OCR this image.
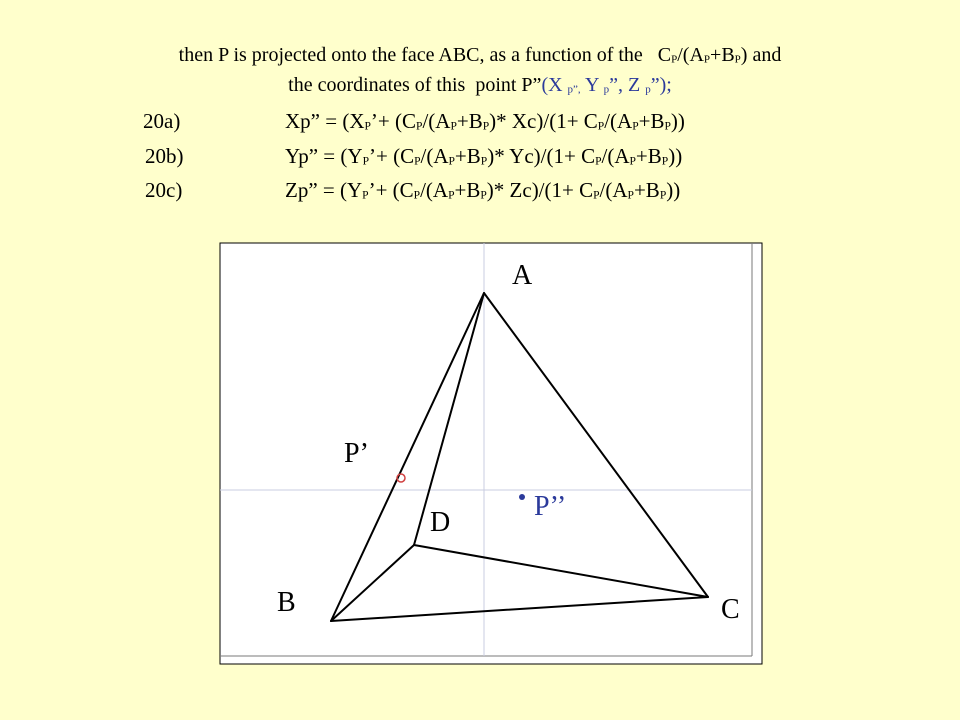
then P is projected onto the face ABC, as a function of the   $C_P/(A_P+B_P)$ and
the coordinates of this  point P”(X $_{p”,}$ Y $_p$”, Z $_p$”);
20a)	Xp” = ($X_P’+ (C_P/(A_P+B_P)*$ $Xc)/(1+ C_P/(A_P+B_P))$
20b)	Yp” = ($Y_P’+ (C_P/(A_P+B_P)*$ $Yc)/(1+ C_P/(A_P+B_P))$
20c)	Zp” = ($Y_P’+ (C_P/(A_P+B_P)*$ $Zc)/(1+ C_P/(A_P+B_P))$
A
B	C
D
P’
P’’
